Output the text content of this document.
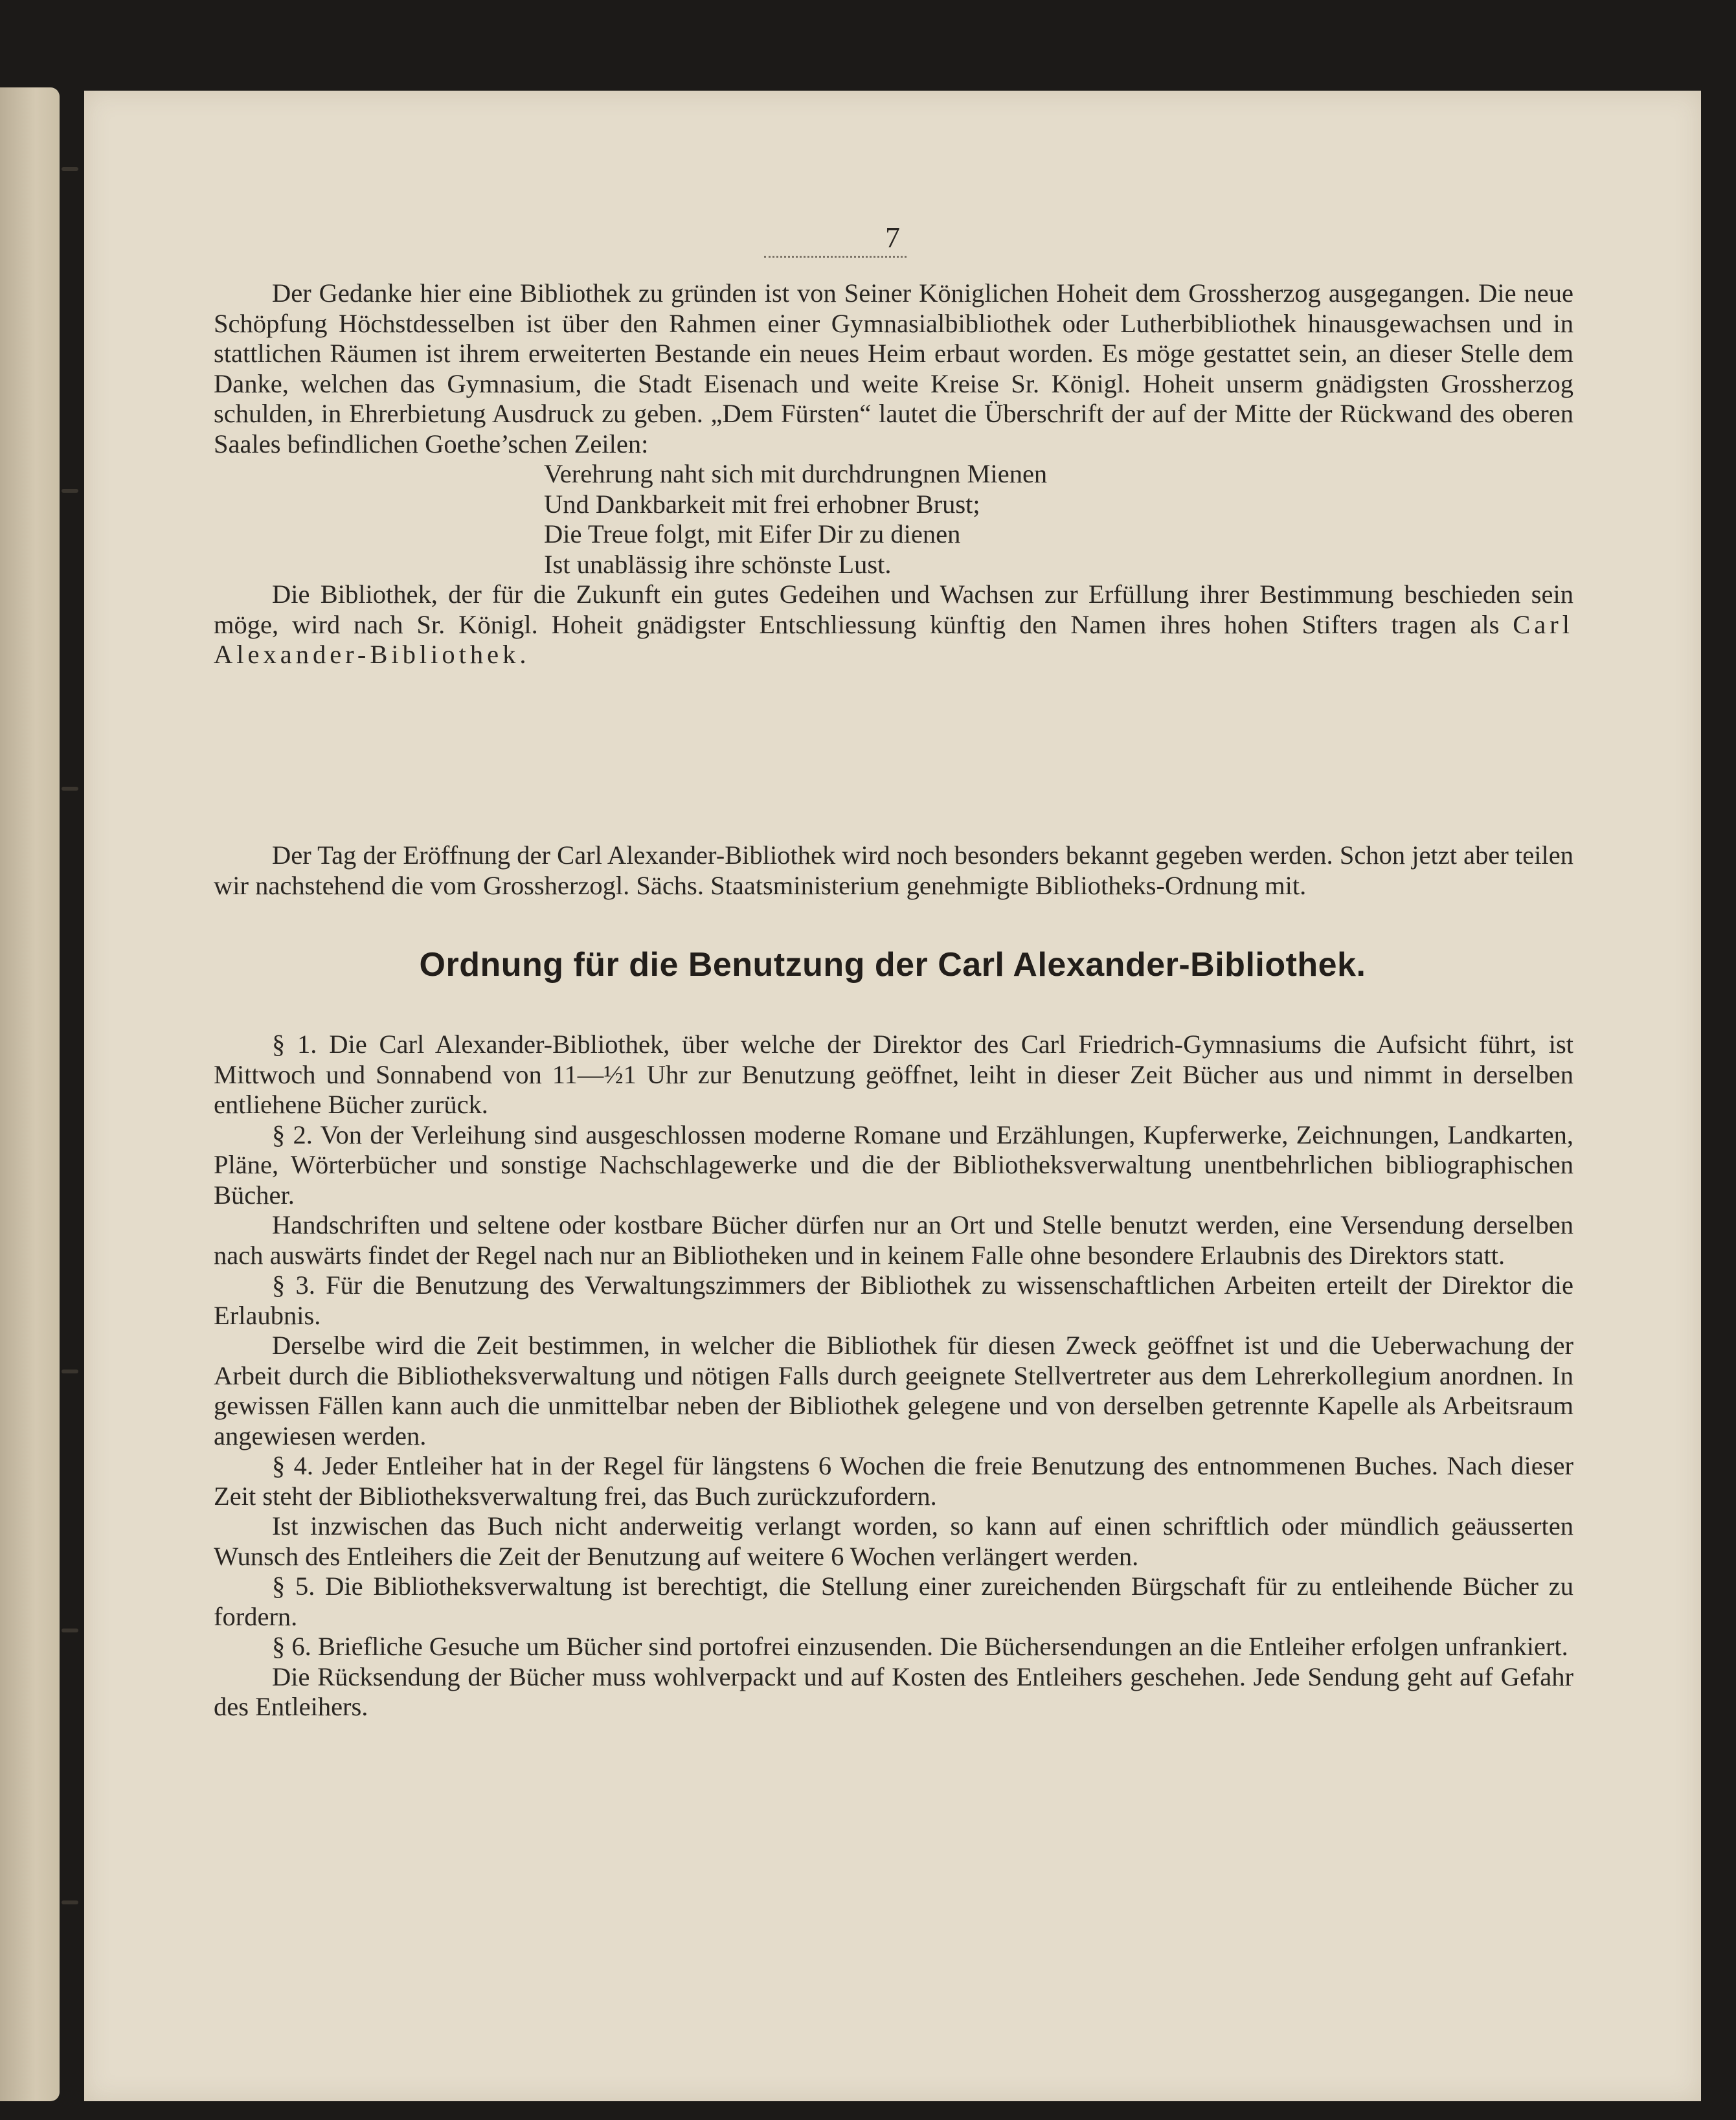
7

Der Gedanke hier eine Bibliothek zu gründen ist von Seiner Königlichen Hoheit dem Grossherzog ausgegangen. Die neue Schöpfung Höchstdesselben ist über den Rahmen einer Gymnasialbibliothek oder Lutherbibliothek hinausgewachsen und in stattlichen Räumen ist ihrem erweiterten Bestande ein neues Heim erbaut worden. Es möge gestattet sein, an dieser Stelle dem Danke, welchen das Gymnasium, die Stadt Eisenach und weite Kreise Sr. Königl. Hoheit unserm gnädigsten Grossherzog schulden, in Ehrerbietung Ausdruck zu geben. „Dem Fürsten“ lautet die Überschrift der auf der Mitte der Rückwand des oberen Saales befindlichen Goethe’schen Zeilen:

Verehrung naht sich mit durchdrungnen Mienen
Und Dankbarkeit mit frei erhobner Brust;
Die Treue folgt, mit Eifer Dir zu dienen
Ist unablässig ihre schönste Lust.

Die Bibliothek, der für die Zukunft ein gutes Gedeihen und Wachsen zur Erfüllung ihrer Bestimmung beschieden sein möge, wird nach Sr. Königl. Hoheit gnädigster Entschliessung künftig den Namen ihres hohen Stifters tragen als Carl Alexander-Bibliothek.

Der Tag der Eröffnung der Carl Alexander-Bibliothek wird noch besonders bekannt gegeben werden. Schon jetzt aber teilen wir nachstehend die vom Grossherzogl. Sächs. Staatsministerium genehmigte Bibliotheks-Ordnung mit.

Ordnung für die Benutzung der Carl Alexander-Bibliothek.

§ 1. Die Carl Alexander-Bibliothek, über welche der Direktor des Carl Friedrich-Gymnasiums die Aufsicht führt, ist Mittwoch und Sonnabend von 11—½1 Uhr zur Benutzung geöffnet, leiht in dieser Zeit Bücher aus und nimmt in derselben entliehene Bücher zurück.

§ 2. Von der Verleihung sind ausgeschlossen moderne Romane und Erzählungen, Kupferwerke, Zeichnungen, Landkarten, Pläne, Wörterbücher und sonstige Nachschlagewerke und die der Bibliotheksverwaltung unentbehrlichen bibliographischen Bücher.

Handschriften und seltene oder kostbare Bücher dürfen nur an Ort und Stelle benutzt werden, eine Versendung derselben nach auswärts findet der Regel nach nur an Bibliotheken und in keinem Falle ohne besondere Erlaubnis des Direktors statt.

§ 3. Für die Benutzung des Verwaltungszimmers der Bibliothek zu wissenschaftlichen Arbeiten erteilt der Direktor die Erlaubnis.

Derselbe wird die Zeit bestimmen, in welcher die Bibliothek für diesen Zweck geöffnet ist und die Ueberwachung der Arbeit durch die Bibliotheksverwaltung und nötigen Falls durch geeignete Stellvertreter aus dem Lehrerkollegium anordnen. In gewissen Fällen kann auch die unmittelbar neben der Bibliothek gelegene und von derselben getrennte Kapelle als Arbeitsraum angewiesen werden.

§ 4. Jeder Entleiher hat in der Regel für längstens 6 Wochen die freie Benutzung des entnommenen Buches. Nach dieser Zeit steht der Bibliotheksverwaltung frei, das Buch zurückzufordern.

Ist inzwischen das Buch nicht anderweitig verlangt worden, so kann auf einen schriftlich oder mündlich geäusserten Wunsch des Entleihers die Zeit der Benutzung auf weitere 6 Wochen verlängert werden.

§ 5. Die Bibliotheksverwaltung ist berechtigt, die Stellung einer zureichenden Bürgschaft für zu entleihende Bücher zu fordern.

§ 6. Briefliche Gesuche um Bücher sind portofrei einzusenden. Die Büchersendungen an die Entleiher erfolgen unfrankiert.

Die Rücksendung der Bücher muss wohlverpackt und auf Kosten des Entleihers geschehen. Jede Sendung geht auf Gefahr des Entleihers.
